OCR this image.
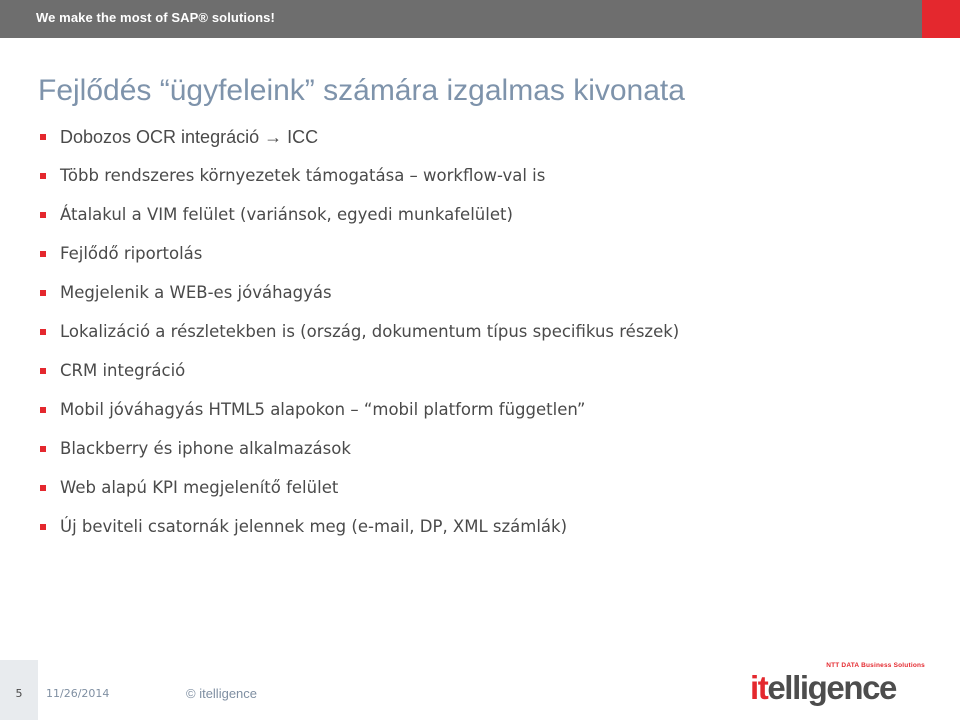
We make the most of SAP® solutions!
Fejlődés “ügyfeleink” számára izgalmas kivonata
Dobozos OCR integráció → ICC
Több rendszeres környezetek támogatása – workflow-val is
Átalakul a VIM felület (variánsok, egyedi munkafelület)
Fejlődő riportolás
Megjelenik a WEB-es jóváhagyás
Lokalizáció a részletekben is (ország, dokumentum típus specifikus részek)
CRM integráció
Mobil jóváhagyás HTML5 alapokon – “mobil platform független”
Blackberry és iphone alkalmazások
Web alapú KPI megjelenítő felület
Új beviteli csatornák jelennek meg (e-mail, DP, XML számlák)
5	11/26/2014	© itelligence
NTT DATA Business Solutions
itelligence
